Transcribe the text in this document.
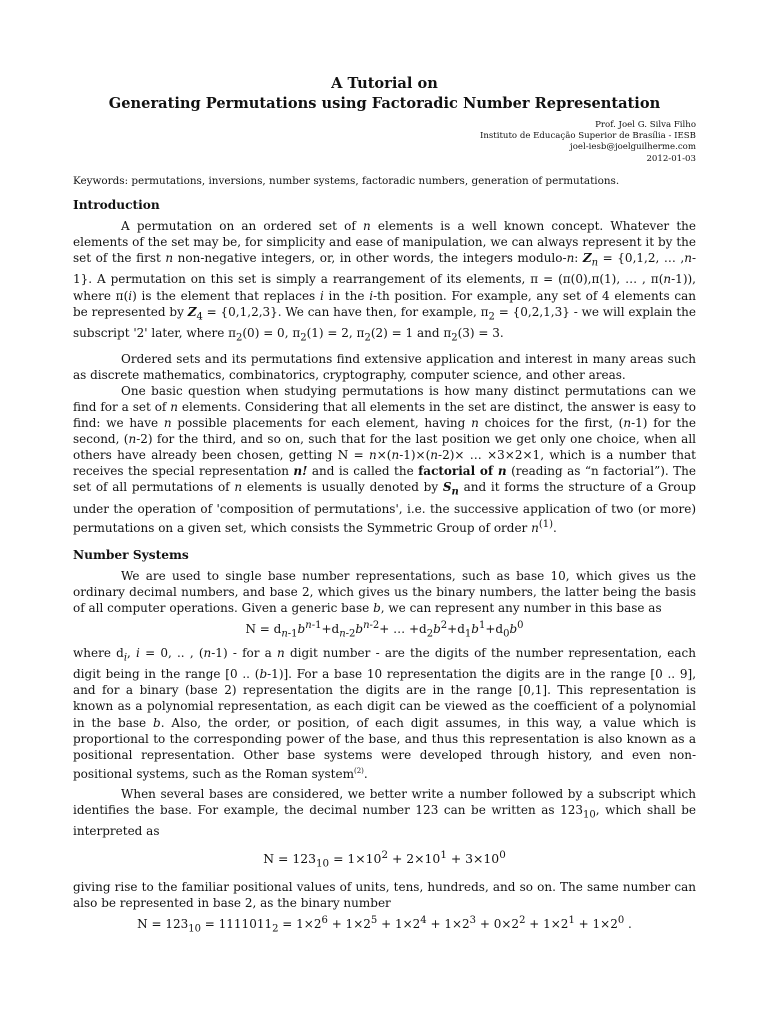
A Tutorial on
Generating Permutations using Factoradic Number Representation
Prof. Joel G. Silva Filho
Instituto de Educação Superior de Brasília - IESB
joel-iesb@joelguilherme.com
2012-01-03
Keywords: permutations, inversions, number systems, factoradic numbers, generation of permutations.
Introduction

A permutation on an ordered set of n elements is a well known concept. Whatever the elements of the set may be, for simplicity and ease of manipulation, we can always represent it by the set of the first n non-negative integers, or, in other words, the integers modulo-n: $Z_n = \{0,1,2$, … ,n-1}. A permutation on this set is simply a rearrangement of its elements, π = (π(0),π(1), … , π(n-1)), where π(i) is the element that replaces i in the i-th position. For example, any set of 4 elements can be represented by $Z_4 = \{0,1,2,3\}$. We can have then, for example, $\pi_2 = \{0,2,1,3\}$ - we will explain the subscript '2' later, where $\pi_2(0) = 0$, $\pi_2(1) = 2$, $\pi_2(2) = 1$ and $\pi_2(3) = 3$.

Ordered sets and its permutations find extensive application and interest in many areas such as discrete mathematics, combinatorics, cryptography, computer science, and other areas.

One basic question when studying permutations is how many distinct permutations can we find for a set of n elements. Considering that all elements in the set are distinct, the answer is easy to find: we have n possible placements for each element, having n choices for the first, (n-1) for the second, (n-2) for the third, and so on, such that for the last position we get only one choice, when all others have already been chosen, getting N = n×(n-1)×(n-2)× … ×3×2×1, which is a number that receives the special representation n! and is called the factorial of n (reading as “n factorial”). The set of all permutations of n elements is usually denoted by $S_n$ and it forms the structure of a Group under the operation of 'composition of permutations', i.e. the successive application of two (or more) permutations on a given set, which consists the Symmetric Group of order $n^{(1)}$.

Number Systems

We are used to single base number representations, such as base 10, which gives us the ordinary decimal numbers, and base 2, which gives us the binary numbers, the latter being the basis of all computer operations. Given a generic base b, we can represent any number in this base as

$N = d_{n-1}b^{n-1}+d_{n-2}b^{n-2}+$ … $+d_2b^2+d_1b^1+d_0b^0$

where $d_i$, i = 0, .. , (n-1) - for a n digit number - are the digits of the number representation, each digit being in the range [0 .. (b-1)]. For a base 10 representation the digits are in the range [0 .. 9], and for a binary (base 2) representation the digits are in the range [0,1]. This representation is known as a polynomial representation, as each digit can be viewed as the coefficient of a polynomial in the base b. Also, the order, or position, of each digit assumes, in this way, a value which is proportional to the corresponding power of the base, and thus this representation is also known as a positional representation. Other base systems were developed through history, and even non-positional systems, such as the Roman system$^{(2)}$.

When several bases are considered, we better write a number followed by a subscript which identifies the base. For example, the decimal number 123 can be written as $123_{10}$, which shall be interpreted as

$N = 123_{10} = 1\times 10^2 + 2\times 10^1 + 3\times 10^0$

giving rise to the familiar positional values of units, tens, hundreds, and so on. The same number can also be represented in base 2, as the binary number

$N = 123_{10} = 1111011_2 = 1\times 2^6 + 1\times 2^5 + 1\times 2^4 + 1\times 2^3 + 0\times 2^2 + 1\times 2^1 + 1\times 2^0$ .
